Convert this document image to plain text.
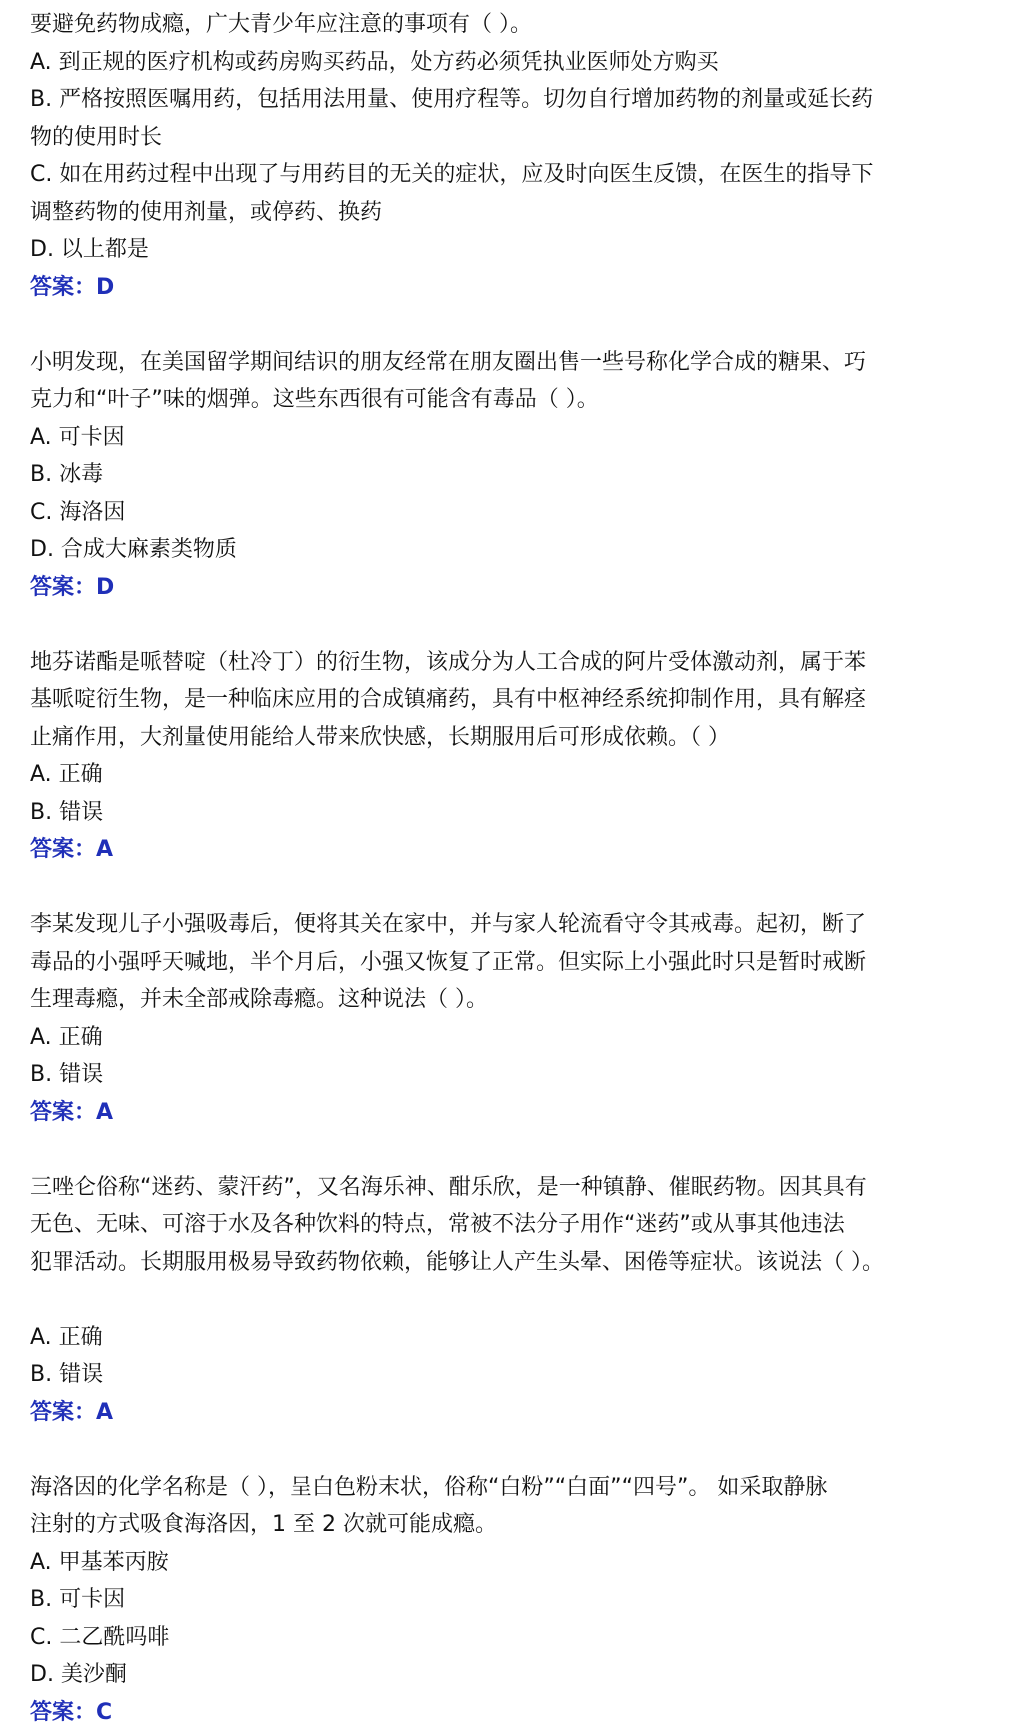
要避免药物成瘾，广大青少年应注意的事项有（ ）。
A. 到正规的医疗机构或药房购买药品，处方药必须凭执业医师处方购买
B. 严格按照医嘱用药，包括用法用量、使用疗程等。切勿自行增加药物的剂量或延长药
物的使用时长
C. 如在用药过程中出现了与用药目的无关的症状，应及时向医生反馈，在医生的指导下
调整药物的使用剂量，或停药、换药
D. 以上都是
答案：D
小明发现，在美国留学期间结识的朋友经常在朋友圈出售一些号称化学合成的糖果、巧
克力和“叶子”味的烟弹。这些东西很有可能含有毒品（ ）。
A. 可卡因
B. 冰毒
C. 海洛因
D. 合成大麻素类物质
答案：D
地芬诺酯是哌替啶（杜冷丁）的衍生物，该成分为人工合成的阿片受体激动剂，属于苯
基哌啶衍生物，是一种临床应用的合成镇痛药，具有中枢神经系统抑制作用，具有解痉
止痛作用，大剂量使用能给人带来欣快感，长期服用后可形成依赖。（ ）
A. 正确
B. 错误
答案：A
李某发现儿子小强吸毒后，便将其关在家中，并与家人轮流看守令其戒毒。起初，断了
毒品的小强呼天喊地，半个月后，小强又恢复了正常。但实际上小强此时只是暂时戒断
生理毒瘾，并未全部戒除毒瘾。这种说法（ ）。
A. 正确
B. 错误
答案：A
三唑仑俗称“迷药、蒙汗药”，又名海乐神、酣乐欣，是一种镇静、催眠药物。因其具有
无色、无味、可溶于水及各种饮料的特点，常被不法分子用作“迷药”或从事其他违法
犯罪活动。长期服用极易导致药物依赖，能够让人产生头晕、困倦等症状。该说法（ ）。
A. 正确
B. 错误
答案：A
海洛因的化学名称是（ ），呈白色粉末状，俗称“白粉”“白面”“四号”。 如采取静脉
注射的方式吸食海洛因，1 至 2 次就可能成瘾。
A. 甲基苯丙胺
B. 可卡因
C. 二乙酰吗啡
D. 美沙酮
答案：C
